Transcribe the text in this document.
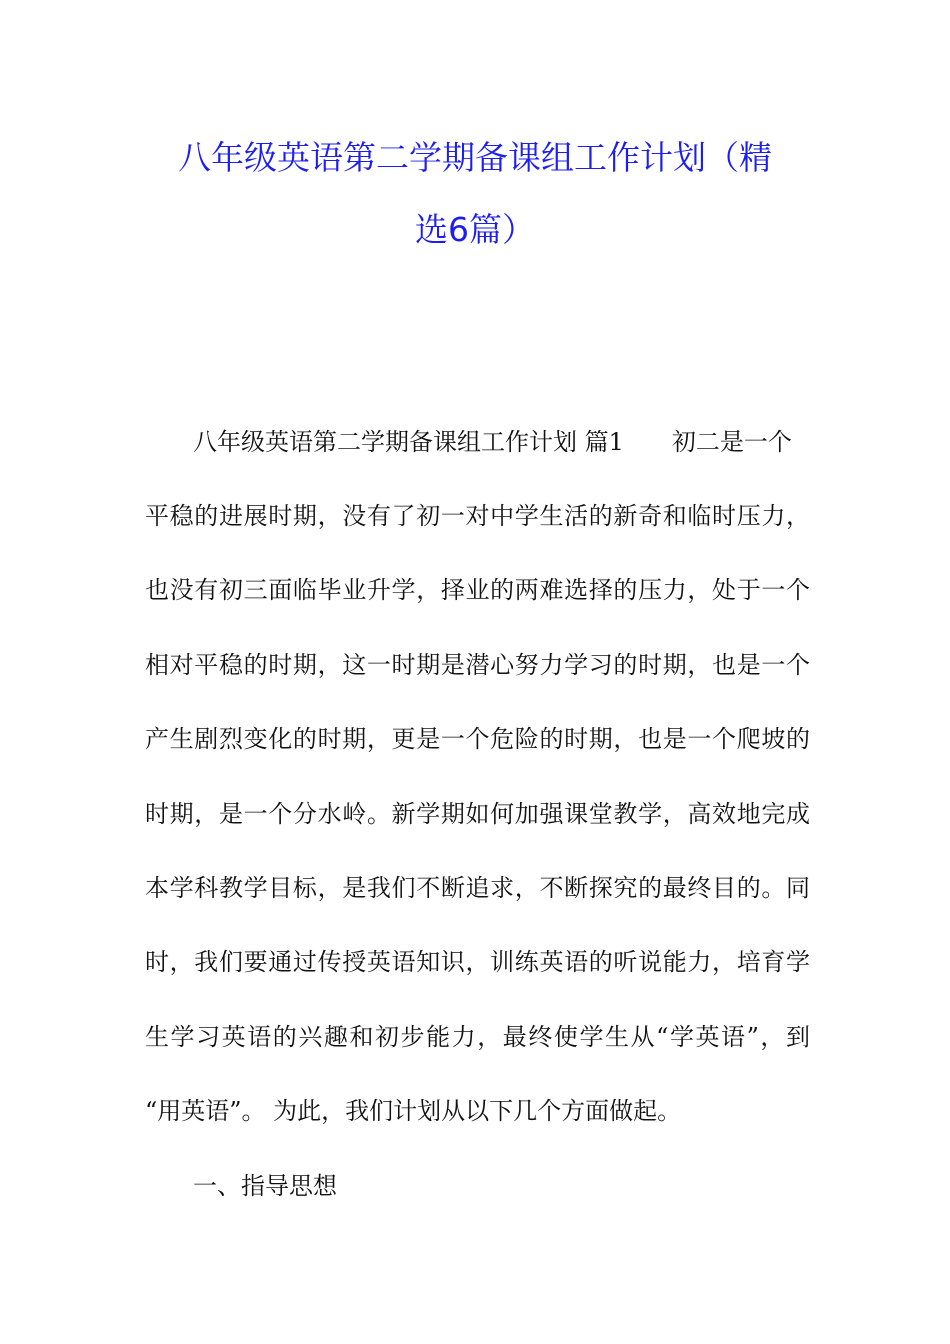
八年级英语第二学期备课组工作计划（精
选6篇）
八年级英语第二学期备课组工作计划 篇1　　初二是一个
平稳的进展时期，没有了初一对中学生活的新奇和临时压力，
也没有初三面临毕业升学，择业的两难选择的压力，处于一个
相对平稳的时期，这一时期是潜心努力学习的时期，也是一个
产生剧烈变化的时期，更是一个危险的时期，也是一个爬坡的
时期，是一个分水岭。新学期如何加强课堂教学，高效地完成
本学科教学目标，是我们不断追求，不断探究的最终目的。同
时，我们要通过传授英语知识，训练英语的听说能力，培育学
生学习英语的兴趣和初步能力，最终使学生从“学英语”，到
“用英语”。 为此，我们计划从以下几个方面做起。
一、指导思想
